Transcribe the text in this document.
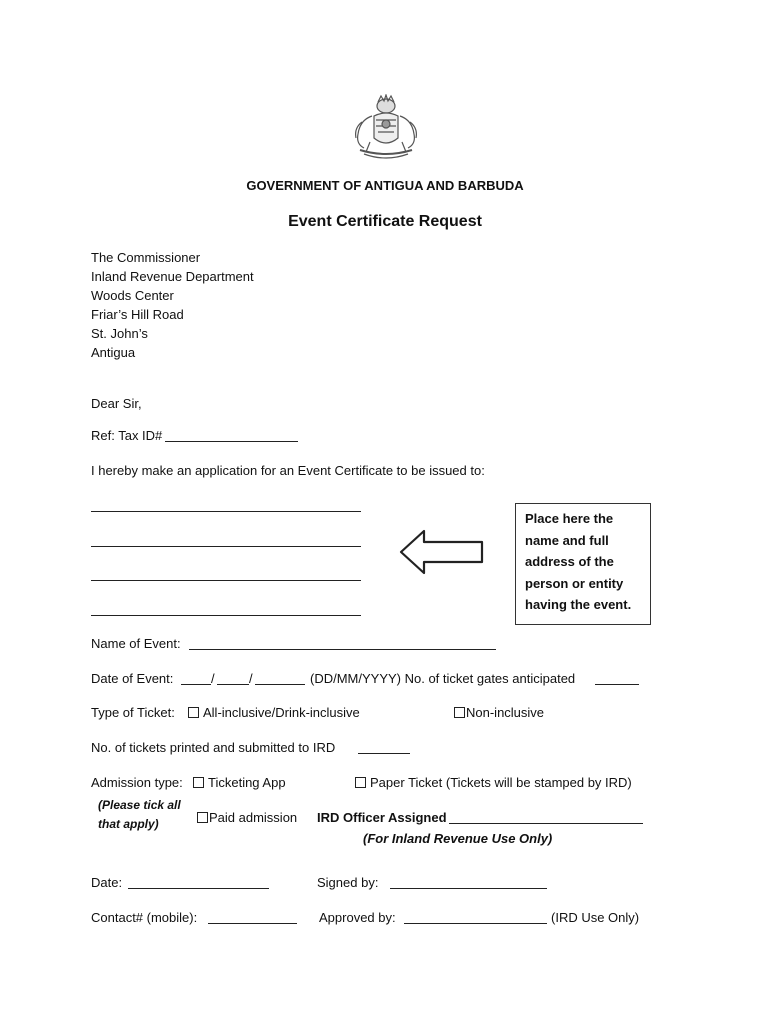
GOVERNMENT OF ANTIGUA AND BARBUDA
Event Certificate Request
The Commissioner
Inland Revenue Department
Woods Center
Friar’s Hill Road
St. John’s
Antigua
Dear Sir,
Ref: Tax ID#
I hereby make an application for an Event Certificate to be issued to:
Place here the name and full address of the person or entity having the event.
Name of Event:
Date of Event:	/	/	(DD/MM/YYYY) No. of ticket gates anticipated
Type of Ticket:	All-inclusive/Drink-inclusive	Non-inclusive
No. of tickets printed and submitted to IRD
Admission type:	Ticketing App	Paper Ticket (Tickets will be stamped by IRD)
(Please tick all
that apply)	Paid admission IRD Officer Assigned
(For Inland Revenue Use Only)
Date:	Signed by:
Contact# (mobile):	Approved by:	(IRD Use Only)
